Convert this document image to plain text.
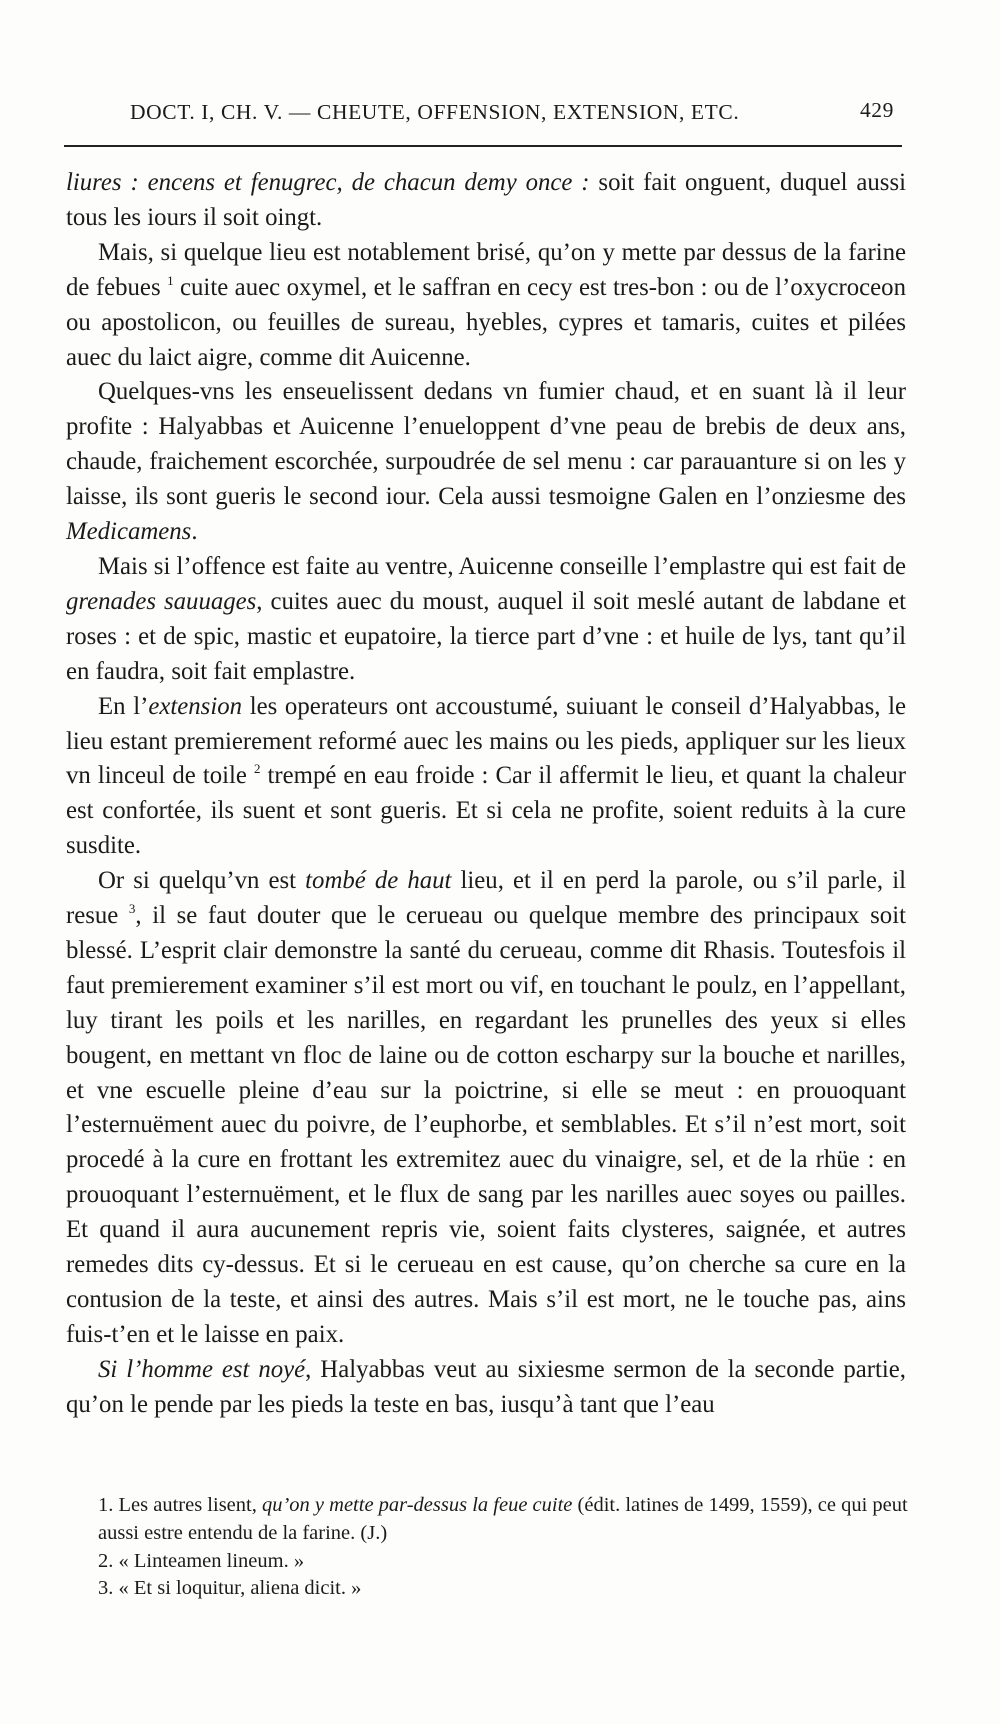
DOCT. I, CH. V. — CHEUTE, OFFENSION, EXTENSION, ETC.	429

liures : encens et fenugrec, de chacun demy once : soit fait onguent, duquel aussi tous les iours il soit oingt.

Mais, si quelque lieu est notablement brisé, qu’on y mette par dessus de la farine de febues $^1$ cuite auec oxymel, et le saffran en cecy est tres-bon : ou de l’oxycroceon ou apostolicon, ou feuilles de sureau, hyebles, cypres et tamaris, cuites et pilées auec du laict aigre, comme dit Auicenne.

Quelques-vns les enseuelissent dedans vn fumier chaud, et en suant là il leur profite : Halyabbas et Auicenne l’enueloppent d’vne peau de brebis de deux ans, chaude, fraichement escorchée, surpoudrée de sel menu : car parauanture si on les y laisse, ils sont gueris le second iour. Cela aussi tesmoigne Galen en l’onziesme des Medicamens.

Mais si l’offence est faite au ventre, Auicenne conseille l’emplastre qui est fait de grenades sauuages, cuites auec du moust, auquel il soit meslé autant de labdane et roses : et de spic, mastic et eupatoire, la tierce part d’vne : et huile de lys, tant qu’il en faudra, soit fait emplastre.

En l’extension les operateurs ont accoustumé, suiuant le conseil d’Halyabbas, le lieu estant premierement reformé auec les mains ou les pieds, appliquer sur les lieux vn linceul de toile $^2$ trempé en eau froide : Car il affermit le lieu, et quant la chaleur est confortée, ils suent et sont gueris. Et si cela ne profite, soient reduits à la cure susdite.

Or si quelqu’vn est tombé de haut lieu, et il en perd la parole, ou s’il parle, il resue $^3$, il se faut douter que le cerueau ou quelque membre des principaux soit blessé. L’esprit clair demonstre la santé du cerueau, comme dit Rhasis. Toutesfois il faut premierement examiner s’il est mort ou vif, en touchant le poulz, en l’appellant, luy tirant les poils et les narilles, en regardant les prunelles des yeux si elles bougent, en mettant vn floc de laine ou de cotton escharpy sur la bouche et narilles, et vne escuelle pleine d’eau sur la poictrine, si elle se meut : en prouoquant l’esternuëment auec du poivre, de l’euphorbe, et semblables. Et s’il n’est mort, soit procedé à la cure en frottant les extremitez auec du vinaigre, sel, et de la rhüe : en prouoquant l’esternuëment, et le flux de sang par les narilles auec soyes ou pailles. Et quand il aura aucunement repris vie, soient faits clysteres, saignée, et autres remedes dits cy-dessus. Et si le cerueau en est cause, qu’on cherche sa cure en la contusion de la teste, et ainsi des autres. Mais s’il est mort, ne le touche pas, ains fuis-t’en et le laisse en paix.

Si l’homme est noyé, Halyabbas veut au sixiesme sermon de la seconde partie, qu’on le pende par les pieds la teste en bas, iusqu’à tant que l’eau

1. Les autres lisent, qu’on y mette par-dessus la feue cuite (édit. latines de 1499, 1559), ce qui peut aussi estre entendu de la farine. (J.)

2. « Linteamen lineum. »

3. « Et si loquitur, aliena dicit. »
